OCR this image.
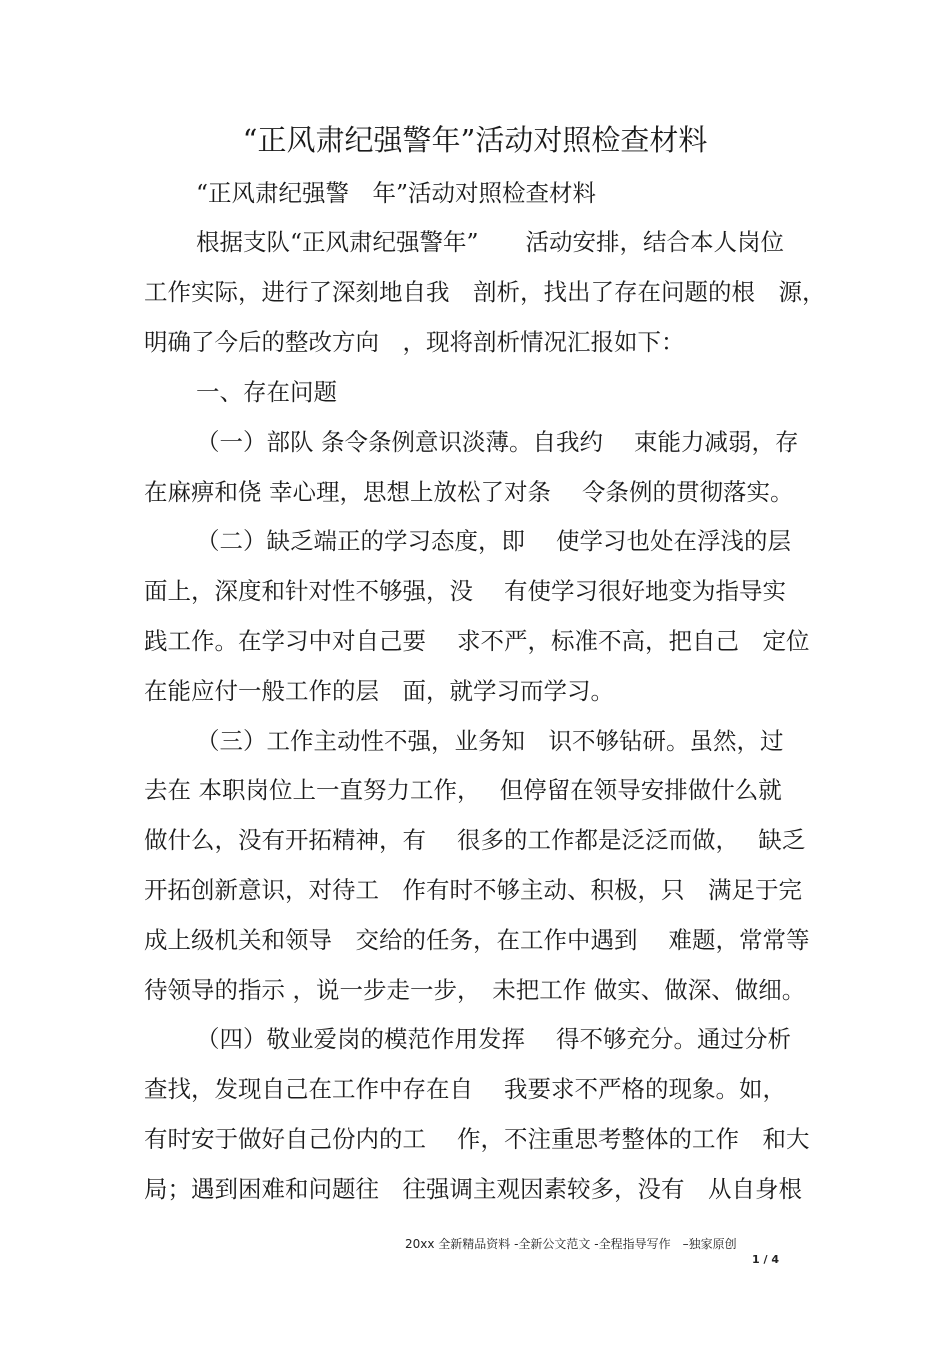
“正风肃纪强警年”活动对照检查材料
“正风肃纪强警　年”活动对照检查材料
根据支队“正风肃纪强警年”　　活动安排，结合本人岗位
工作实际，进行了深刻地自我　剖析，找出了存在问题的根　源，
明确了今后的整改方向　，现将剖析情况汇报如下：
一、存在问题
（一）部队 条令条例意识淡薄。自我约　 束能力减弱，存
在麻痹和侥 幸心理，思想上放松了对条　 令条例的贯彻落实。
（二）缺乏端正的学习态度，即　 使学习也处在浮浅的层
面上，深度和针对性不够强，没　 有使学习很好地变为指导实
践工作。在学习中对自己要　 求不严，标准不高，把自己　定位
在能应付一般工作的层　面，就学习而学习。
（三）工作主动性不强，业务知　识不够钻研。虽然，过
去在 本职岗位上一直努力工作，　 但停留在领导安排做什么就
做什么，没有开拓精神，有　 很多的工作都是泛泛而做，　 缺乏
开拓创新意识，对待工　作有时不够主动、积极，只　满足于完
成上级机关和领导　交给的任务，在工作中遇到　 难题，常常等
待领导的指示 ，说一步走一步，　未把工作 做实、做深、做细。
（四）敬业爱岗的模范作用发挥　 得不够充分。通过分析
查找，发现自己在工作中存在自　 我要求不严格的现象。如，
有时安于做好自己份内的工　 作，不注重思考整体的工作　和大
局；遇到困难和问题往　往强调主观因素较多，没有　从自身根
20xx 全新精品资料 -全新公文范文 -全程指导写作　–独家原创
1 / 4
